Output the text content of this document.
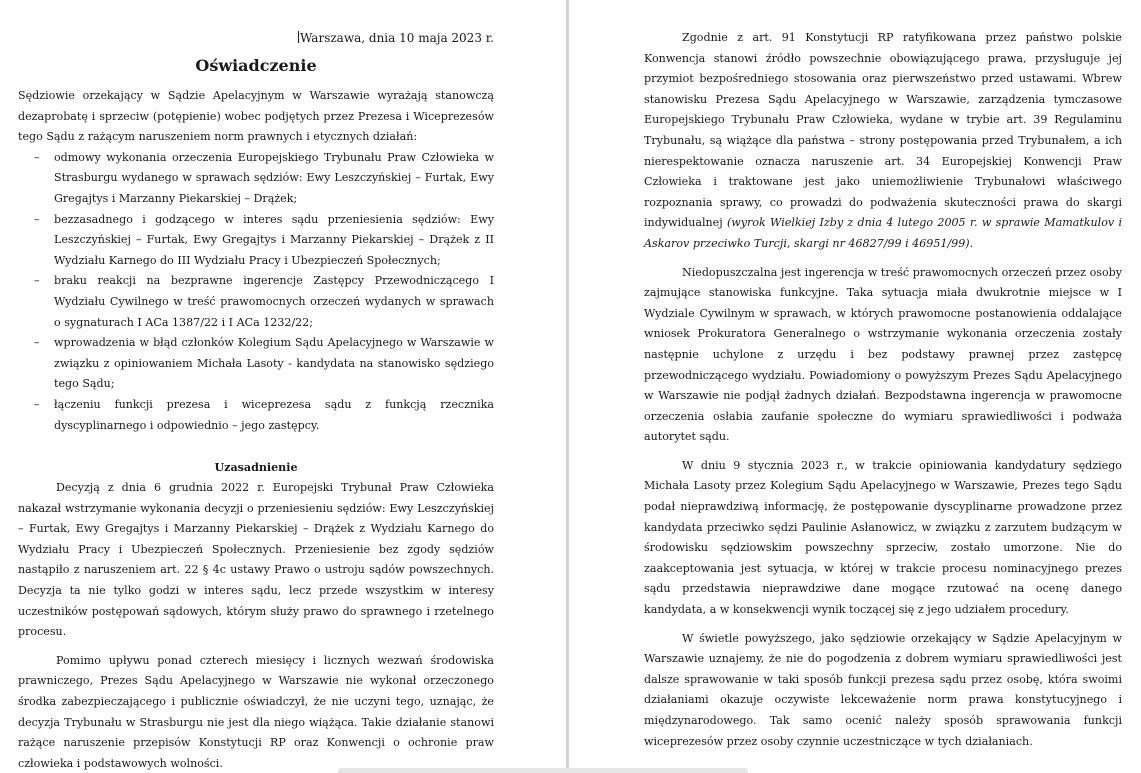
Warszawa, dnia 10 maja 2023 r.
Oświadczenie

Sędziowie orzekający w Sądzie Apelacyjnym w Warszawie wyrażają stanowczą dezaprobatę i sprzeciw (potępienie) wobec podjętych przez Prezesa i Wiceprezesów tego Sądu z rażącym naruszeniem norm prawnych i etycznych działań:

– odmowy wykonania orzeczenia Europejskiego Trybunału Praw Człowieka w Strasburgu wydanego w sprawach sędziów: Ewy Leszczyńskiej – Furtak, Ewy Gregajtys i Marzanny Piekarskiej – Drążek;
– bezzasadnego i godzącego w interes sądu przeniesienia sędziów: Ewy Leszczyńskiej – Furtak, Ewy Gregajtys i Marzanny Piekarskiej – Drążek z II Wydziału Karnego do III Wydziału Pracy i Ubezpieczeń Społecznych;
– braku reakcji na bezprawne ingerencje Zastępcy Przewodniczącego I Wydziału Cywilnego w treść prawomocnych orzeczeń wydanych w sprawach o sygnaturach I ACa 1387/22 i I ACa 1232/22;
– wprowadzenia w błąd członków Kolegium Sądu Apelacyjnego w Warszawie w związku z opiniowaniem Michała Lasoty - kandydata na stanowisko sędziego tego Sądu;
– łączeniu funkcji prezesa i wiceprezesa sądu z funkcją rzecznika dyscyplinarnego i odpowiednio – jego zastępcy.
Uzasadnienie

Decyzją z dnia 6 grudnia 2022 r. Europejski Trybunał Praw Człowieka nakazał wstrzymanie wykonania decyzji o przeniesieniu sędziów: Ewy Leszczyńskiej – Furtak, Ewy Gregajtys i Marzanny Piekarskiej – Drążek z Wydziału Karnego do Wydziału Pracy i Ubezpieczeń Społecznych. Przeniesienie bez zgody sędziów nastąpiło z naruszeniem art. 22 § 4c ustawy Prawo o ustroju sądów powszechnych. Decyzja ta nie tylko godzi w interes sądu, lecz przede wszystkim w interesy uczestników postępowań sądowych, którym służy prawo do sprawnego i rzetelnego procesu.

Pomimo upływu ponad czterech miesięcy i licznych wezwań środowiska prawniczego, Prezes Sądu Apelacyjnego w Warszawie nie wykonał orzeczonego środka zabezpieczającego i publicznie oświadczył, że nie uczyni tego, uznając, że decyzja Trybunału w Strasburgu nie jest dla niego wiążąca. Takie działanie stanowi rażące naruszenie przepisów Konstytucji RP oraz Konwencji o ochronie praw człowieka i podstawowych wolności.

Zgodnie z art. 91 Konstytucji RP ratyfikowana przez państwo polskie Konwencja stanowi źródło powszechnie obowiązującego prawa, przysługuje jej przymiot bezpośredniego stosowania oraz pierwszeństwo przed ustawami. Wbrew stanowisku Prezesa Sądu Apelacyjnego w Warszawie, zarządzenia tymczasowe Europejskiego Trybunału Praw Człowieka, wydane w trybie art. 39 Regulaminu Trybunału, są wiążące dla państwa – strony postępowania przed Trybunałem, a ich nierespektowanie oznacza naruszenie art. 34 Europejskiej Konwencji Praw Człowieka i traktowane jest jako uniemożliwienie Trybunałowi właściwego rozpoznania sprawy, co prowadzi do podważenia skuteczności prawa do skargi indywidualnej (wyrok Wielkiej Izby z dnia 4 lutego 2005 r. w sprawie Mamatkulov i Askarov przeciwko Turcji, skargi nr 46827/99 i 46951/99).

Niedopuszczalna jest ingerencja w treść prawomocnych orzeczeń przez osoby zajmujące stanowiska funkcyjne. Taka sytuacja miała dwukrotnie miejsce w I Wydziale Cywilnym w sprawach, w których prawomocne postanowienia oddalające wniosek Prokuratora Generalnego o wstrzymanie wykonania orzeczenia zostały następnie uchylone z urzędu i bez podstawy prawnej przez zastępcę przewodniczącego wydziału. Powiadomiony o powyższym Prezes Sądu Apelacyjnego w Warszawie nie podjął żadnych działań. Bezpodstawna ingerencja w prawomocne orzeczenia osłabia zaufanie społeczne do wymiaru sprawiedliwości i podważa autorytet sądu.

W dniu 9 stycznia 2023 r., w trakcie opiniowania kandydatury sędziego Michała Lasoty przez Kolegium Sądu Apelacyjnego w Warszawie, Prezes tego Sądu podał nieprawdziwą informację, że postępowanie dyscyplinarne prowadzone przez kandydata przeciwko sędzi Paulinie Asłanowicz, w związku z zarzutem budzącym w środowisku sędziowskim powszechny sprzeciw, zostało umorzone. Nie do zaakceptowania jest sytuacja, w której w trakcie procesu nominacyjnego prezes sądu przedstawia nieprawdziwe dane mogące rzutować na ocenę danego kandydata, a w konsekwencji wynik toczącej się z jego udziałem procedury.

W świetle powyższego, jako sędziowie orzekający w Sądzie Apelacyjnym w Warszawie uznajemy, że nie do pogodzenia z dobrem wymiaru sprawiedliwości jest dalsze sprawowanie w taki sposób funkcji prezesa sądu przez osobę, która swoimi działaniami okazuje oczywiste lekceważenie norm prawa konstytucyjnego i międzynarodowego. Tak samo ocenić należy sposób sprawowania funkcji wiceprezesów przez osoby czynnie uczestniczące w tych działaniach.
